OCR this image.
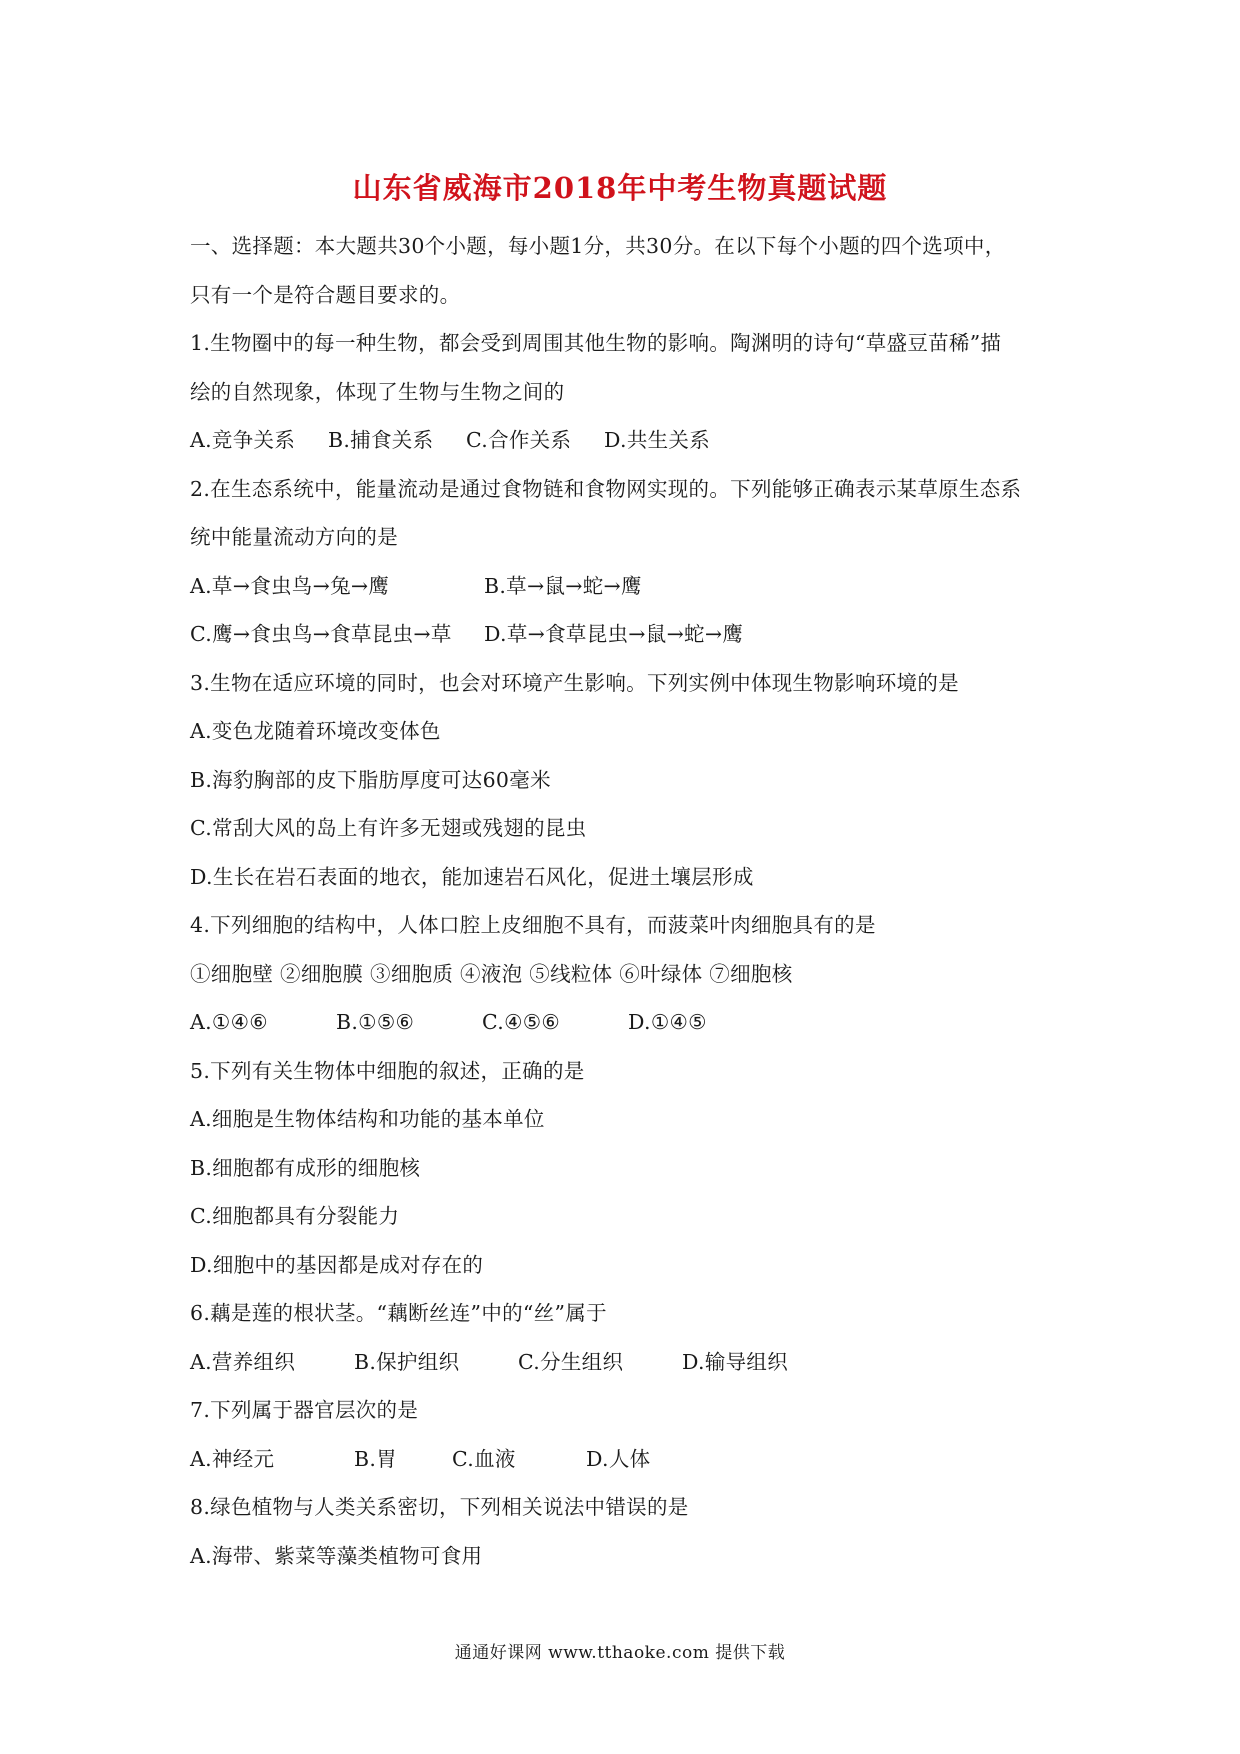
山东省威海市2018年中考生物真题试题
一、选择题：本大题共30个小题，每小题1分，共30分。在以下每个小题的四个选项中，
只有一个是符合题目要求的。
1.生物圈中的每一种生物，都会受到周围其他生物的影响。陶渊明的诗句“草盛豆苗稀”描
绘的自然现象，体现了生物与生物之间的
A.竞争关系 B.捕食关系 C.合作关系 D.共生关系
2.在生态系统中，能量流动是通过食物链和食物网实现的。下列能够正确表示某草原生态系
统中能量流动方向的是
A.草→食虫鸟→兔→鹰	B.草→鼠→蛇→鹰
C.鹰→食虫鸟→食草昆虫→草 D.草→食草昆虫→鼠→蛇→鹰
3.生物在适应环境的同时，也会对环境产生影响。下列实例中体现生物影响环境的是
A.变色龙随着环境改变体色
B.海豹胸部的皮下脂肪厚度可达60毫米
C.常刮大风的岛上有许多无翅或残翅的昆虫
D.生长在岩石表面的地衣，能加速岩石风化，促进土壤层形成
4.下列细胞的结构中，人体口腔上皮细胞不具有，而菠菜叶肉细胞具有的是
①细胞壁 ②细胞膜 ③细胞质 ④液泡 ⑤线粒体 ⑥叶绿体 ⑦细胞核
A.①④⑥	B.①⑤⑥	C.④⑤⑥	D.①④⑤
5.下列有关生物体中细胞的叙述，正确的是
A.细胞是生物体结构和功能的基本单位
B.细胞都有成形的细胞核
C.细胞都具有分裂能力
D.细胞中的基因都是成对存在的
6.藕是莲的根状茎。“藕断丝连”中的“丝”属于
A.营养组织	B.保护组织	C.分生组织	D.输导组织
7.下列属于器官层次的是
A.神经元	B.胃	C.血液	D.人体
8.绿色植物与人类关系密切，下列相关说法中错误的是
A.海带、紫菜等藻类植物可食用
通通好课网 www.tthaoke.com 提供下载
